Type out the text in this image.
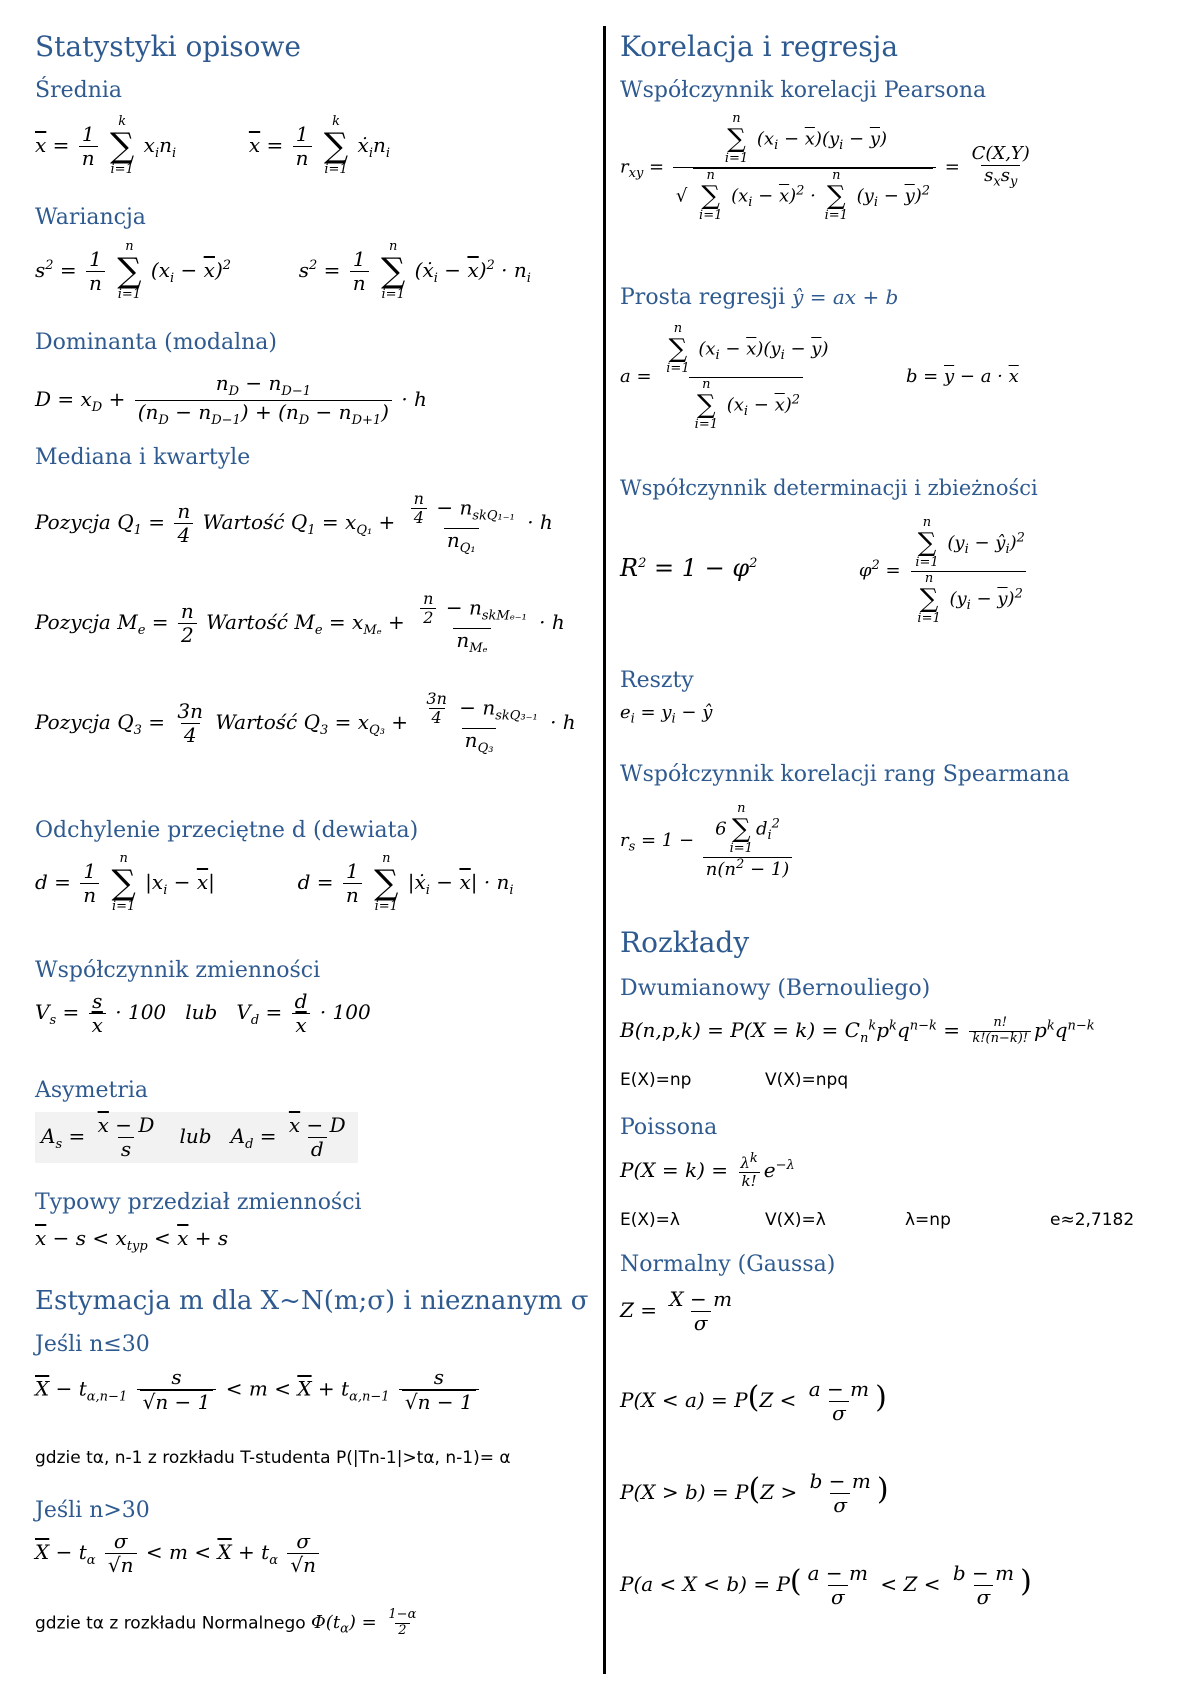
Statystyki opisowe
Średnia
$\overline{x} = \frac{1}{n}$

k
∑
i=1
$x_in_i$	$\overline{x} = \frac{1}{n}$

k
∑
i=1
$ẋ_in_i$
Wariancja
$s^2 = \frac{1}{n}$

n
∑
i=1
$(x_i - \overline{x})^2$	$s^2 = \frac{1}{n}$

n
∑
i=1
(ẋ$_i$ − $\overline{x})^2 \cdot n_i$
Dominanta (modalna)
$D = x_D + \frac{n_D - n_{D-1}}{(n_D - n_{D-1}) + (n_D - n_{D+1})} \cdot h$
Mediana i kwartyle
Pozycja $Q_1 = \frac{n}{4}$ Wartość $Q_1 = x_{Q_1} + \frac{\frac{n}{4} - n_{skQ_{1-1}}}{n_{Q_1}} \cdot h$
Pozycja $M_e = \frac{n}{2}$ Wartość $M_e = x_{M_e} + \frac{\frac{n}{2} - n_{skM_{e-1}}}{n_{M_e}} \cdot h$
Pozycja $Q_3 = \frac{3n}{4}$ Wartość $Q_3 = x_{Q_3} + \frac{\frac{3n}{4} - n_{skQ_{3-1}}}{n_{Q_3}} \cdot h$
Odchylenie przeciętne d (dewiata)
$d = \frac{1}{n}$

n
∑
i=1
$|x_i - \overline{x}|$	$d = \frac{1}{n}$

n
∑
i=1
|ẋ$_i$ − $\overline{x}| \cdot n_i$
Współczynnik zmienności
$V_s = \frac{s}{x} \cdot 100$ lub   $V_d = \frac{d}{x} \cdot 100$
Asymetria
$A_s = \frac{\overline{x} - D}{s}$ lub   $A_d = \frac{\overline{x} - D}{d}$
Typowy przedział zmienności
$\overline{x} - s < x_{typ} < \overline{x} + s$
Estymacja m dla X~N(m;σ) i nieznanym σ
Jeśli n≤30
$\overline{X} - t_{\alpha,n-1} \frac{s}{√n - 1} < m < \overline{X} + t_{\alpha,n-1} \frac{s}{√n - 1}$
gdzie tα, n-1 z rozkładu T-studenta P(|Tn-1|>tα, n-1)= α
Jeśli n>30
$\overline{X} - t_\alpha \frac{\sigma}{√n} < m < \overline{X} + t_\alpha \frac{\sigma}{√n}$
gdzie tα z rozkładu Normalnego $\Phi(t_\alpha) = \frac{1-\alpha}{2}$
Korelacja i regresja
Współczynnik korelacji Pearsona
$r_{xy}$ =
n
∑
i=1
$(x_i - \overline{x})(y_i - \overline{y})$
√
n
∑
i=1
$(x_i - \overline{x})^2$ ·
n
∑
i=1
$(y_i - \overline{y})^2$
= $\frac{C(X,Y)}{s_xs_y}$
Prosta regresji ŷ = ax + b
a = n
∑
i=1
$(x_i - \overline{x})(y_i - \overline{y})$
n
∑
i=1
$(x_i - \overline{x})^2$	$b = \overline{y} - a \cdot \overline{x}$
Współczynnik determinacji i zbieżności
$R^2 = 1 - \varphi^2$	$\varphi^2 = n$
∑
i=1
($y_i$ − $ŷ_i)^2$
n
∑
i=1
$(y_i - \overline{y})^2$
Reszty
$e_i = y_i$ − ŷ
Współczynnik korelacji rang Spearmana
$r_s = 1 - 6$
n
∑
i=1
$d_i^2$
$n(n^2 - 1)$
Rozkłady
Dwumianowy (Bernouliego)
$B(n,p,k) = P(X = k) = C_n^kp^kq^{n-k} = \frac{n!}{k!(n-k)!} p^kq^{n-k}$
E(X)=np	V(X)=npq
Poissona
$P(X = k) = \frac{\lambda^k}{k!} e^{-\lambda}$
E(X)=λ	V(X)=λ	λ=np	e≈2,7182
Normalny (Gaussa)
$Z = \frac{X - m}{\sigma}$
$P(X < a) = P(Z < \frac{a - m}{\sigma}$ )
$P(X > b) = P(Z > \frac{b - m}{\sigma}$ )
$P(a < X < b) = P( \frac{a - m}{\sigma} < Z < \frac{b - m}{\sigma}$ )
